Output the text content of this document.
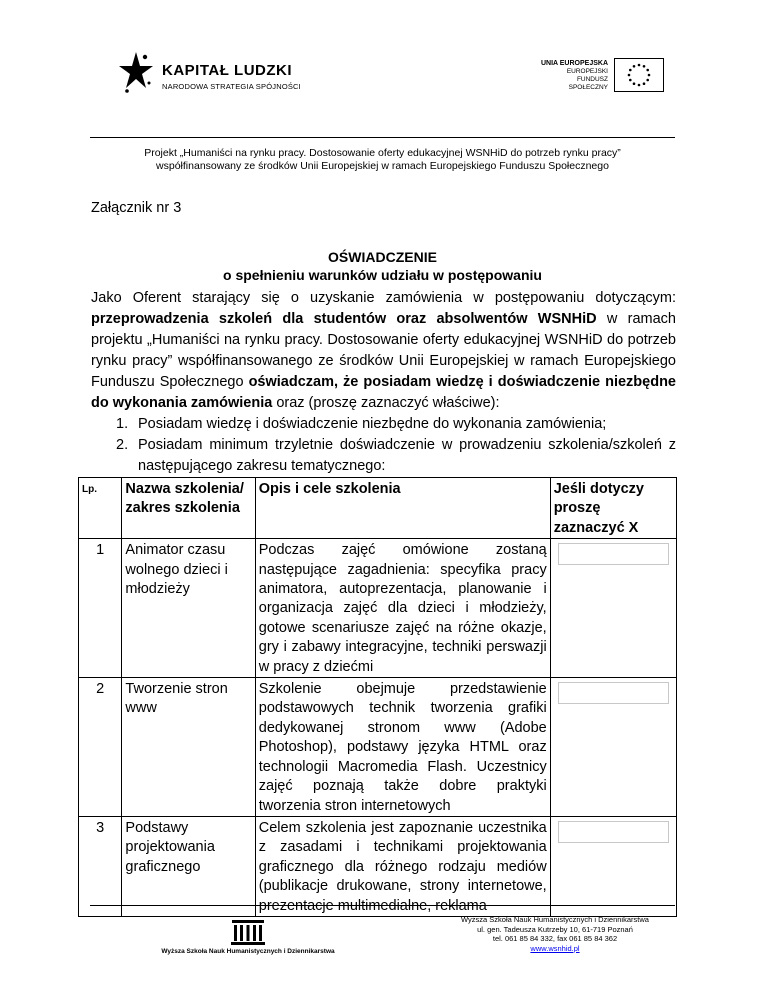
KAPITAŁ LUDZKI
NARODOWA STRATEGIA SPÓJNOŚCI
UNIA EUROPEJSKA
EUROPEJSKI
FUNDUSZ SPOŁECZNY
Projekt „Humaniści na rynku pracy. Dostosowanie oferty edukacyjnej WSNHiD do potrzeb rynku pracy”
współfinansowany ze środków Unii Europejskiej w ramach Europejskiego Funduszu Społecznego
Załącznik nr 3
OŚWIADCZENIE
o spełnieniu warunków udziału w postępowaniu
Jako Oferent starający się o uzyskanie zamówienia w postępowaniu dotyczącym: przeprowadzenia szkoleń dla studentów oraz absolwentów WSNHiD w ramach projektu „Humaniści na rynku pracy. Dostosowanie oferty edukacyjnej WSNHiD do potrzeb rynku pracy” współfinansowanego ze środków Unii Europejskiej w ramach Europejskiego Funduszu Społecznego oświadczam, że posiadam wiedzę i doświadczenie niezbędne do wykonania zamówienia oraz (proszę zaznaczyć właściwe):
1. Posiadam wiedzę i doświadczenie niezbędne do wykonania zamówienia;
2. Posiadam minimum trzyletnie doświadczenie w prowadzeniu szkolenia/szkoleń z następującego zakresu tematycznego:
Lp.	Nazwa szkolenia/ zakres szkolenia	Opis i cele szkolenia	Jeśli dotyczy proszę zaznaczyć X
1	Animator czasu wolnego dzieci i młodzieży	Podczas zajęć omówione zostaną następujące zagadnienia: specyfika pracy animatora, autoprezentacja, planowanie i organizacja zajęć dla dzieci i młodzieży, gotowe scenariusze zajęć na różne okazje, gry i zabawy integracyjne, techniki perswazji w pracy z dziećmi	

2	Tworzenie stron www	Szkolenie obejmuje przedstawienie podstawowych technik tworzenia grafiki dedykowanej stronom www (Adobe Photoshop), podstawy języka HTML oraz technologii Macromedia Flash. Uczestnicy zajęć poznają także dobre praktyki tworzenia stron internetowych	

3	Podstawy projektowania graficznego	Celem szkolenia jest zapoznanie uczestnika z zasadami i technikami projektowania graficznego dla różnego rodzaju mediów (publikacje drukowane, strony internetowe, prezentacje multimedialne, reklama	
Wyższa Szkoła Nauk Humanistycznych i Dziennikarstwa
Wyższa Szkoła Nauk Humanistycznych i Dziennikarstwa
ul. gen. Tadeusza Kutrzeby 10, 61-719 Poznań
tel. 061 85 84 332, fax 061 85 84 362
www.wsnhid.pl
